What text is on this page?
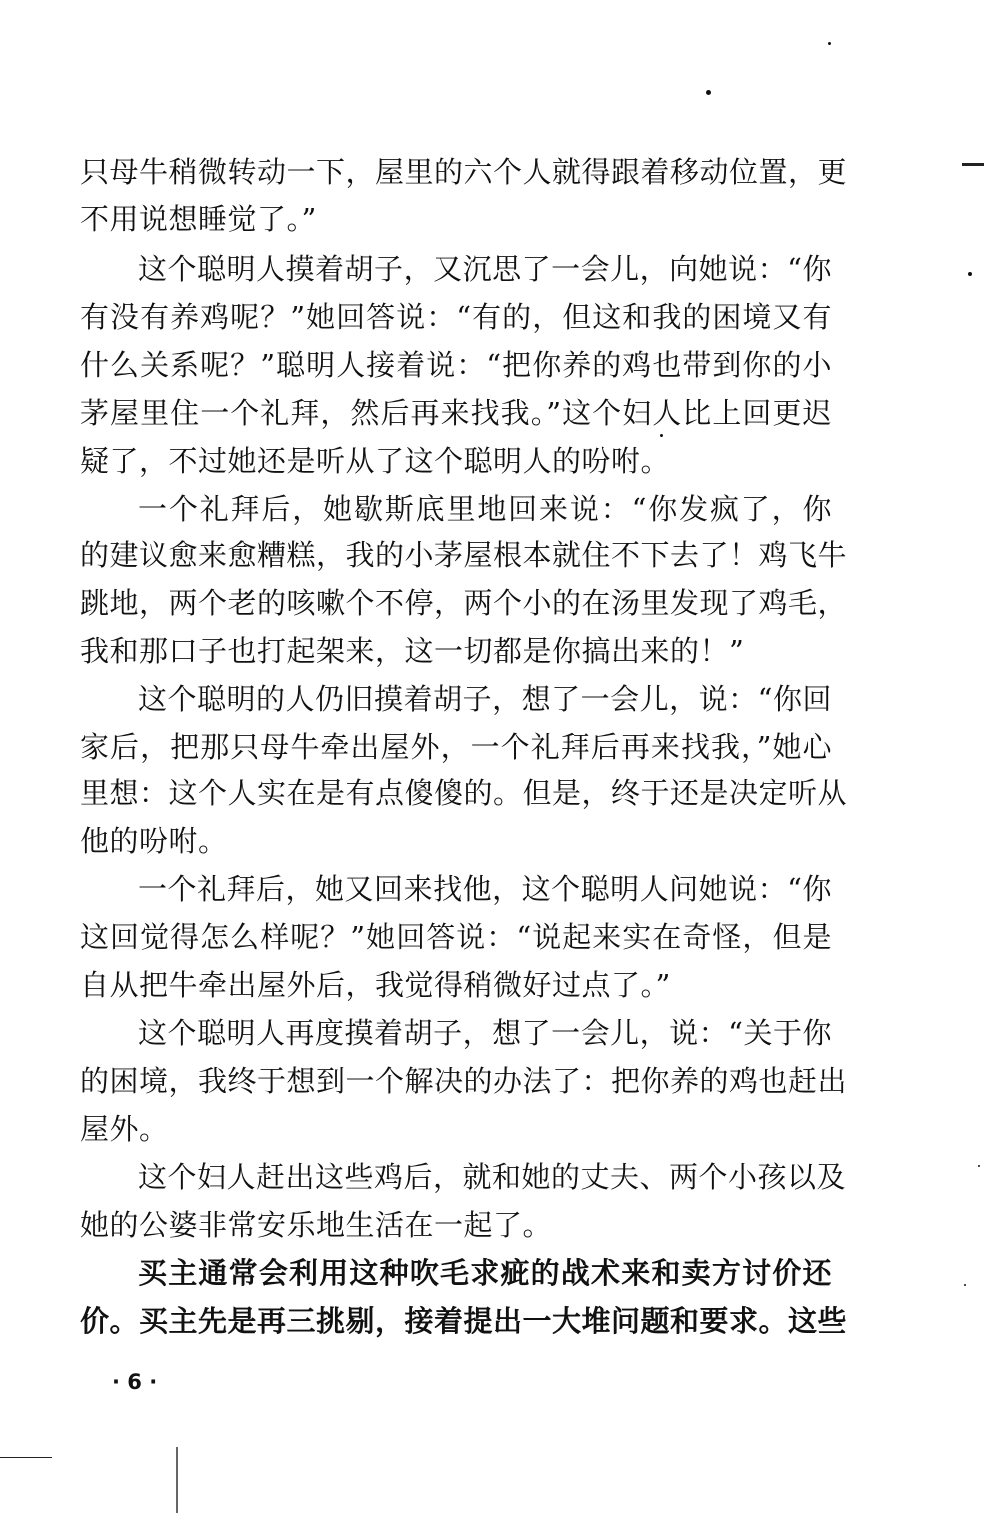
只母牛稍微转动一下，屋里的六个人就得跟着移动位置，更
不用说想睡觉了。”
这个聪明人摸着胡子，又沉思了一会儿，向她说：“你
有没有养鸡呢？”她回答说：“有的，但这和我的困境又有
什么关系呢？”聪明人接着说：“把你养的鸡也带到你的小
茅屋里住一个礼拜，然后再来找我。”这个妇人比上回更迟
疑了，不过她还是听从了这个聪明人的吩咐。
一个礼拜后，她歇斯底里地回来说：“你发疯了，你
的建议愈来愈糟糕，我的小茅屋根本就住不下去了！鸡飞牛
跳地，两个老的咳嗽个不停，两个小的在汤里发现了鸡毛，
我和那口子也打起架来，这一切都是你搞出来的！”
这个聪明的人仍旧摸着胡子，想了一会儿，说：“你回
家后，把那只母牛牵出屋外，一个礼拜后再来找我，”她心
里想：这个人实在是有点傻傻的。但是，终于还是决定听从
他的吩咐。
一个礼拜后，她又回来找他，这个聪明人问她说：“你
这回觉得怎么样呢？”她回答说：“说起来实在奇怪，但是
自从把牛牵出屋外后，我觉得稍微好过点了。”
这个聪明人再度摸着胡子，想了一会儿，说：“关于你
的困境，我终于想到一个解决的办法了：把你养的鸡也赶出
屋外。
这个妇人赶出这些鸡后，就和她的丈夫、两个小孩以及
她的公婆非常安乐地生活在一起了。
买主通常会利用这种吹毛求疵的战术来和卖方讨价还
价。买主先是再三挑剔，接着提出一大堆问题和要求。这些
· 6 ·
